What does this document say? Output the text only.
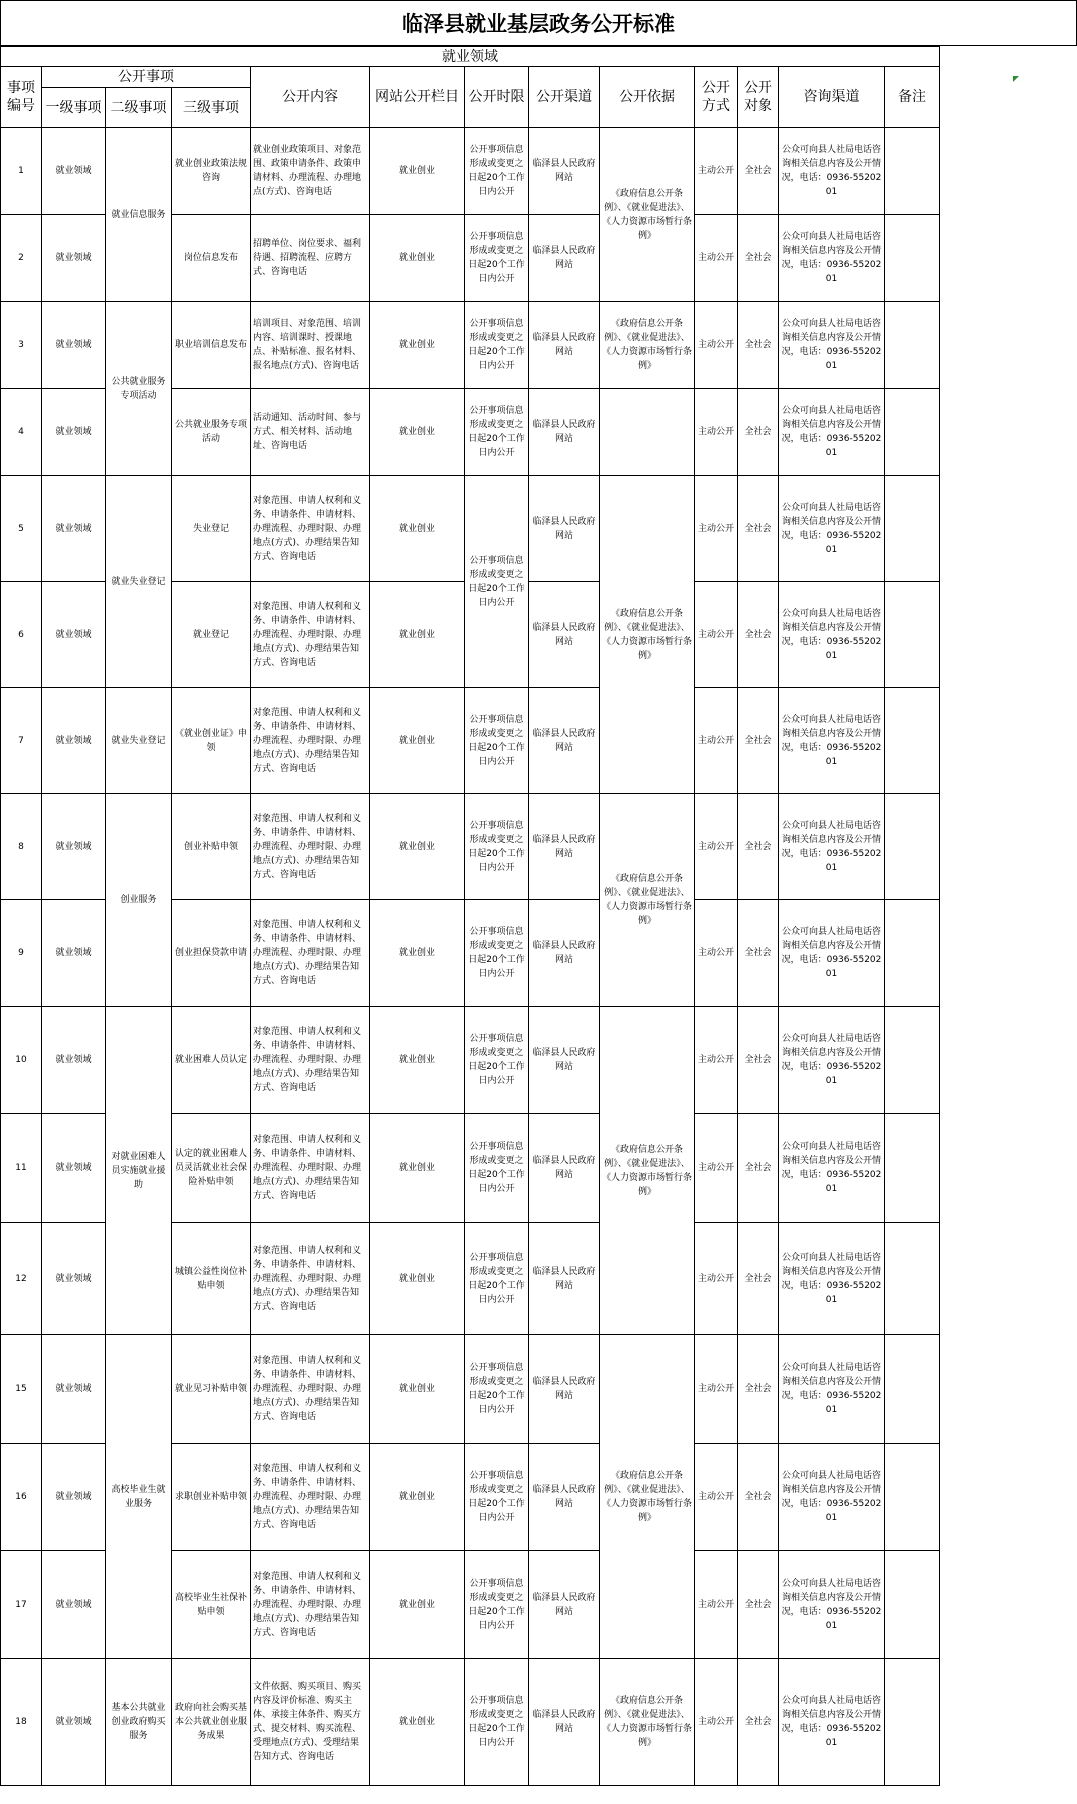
临泽县就业基层政务公开标准
就业领域												
事项编号	公开事项			公开内容	网站公开栏目	公开时限	公开渠道	公开依据	公开方式	公开对象	咨询渠道	备注
	一级事项	二级事项	三级事项									
1	就业领域	就业信息服务	就业创业政策法规咨询	就业创业政策项目、对象范围、政策申请条件、政策申请材料、办理流程、办理地点(方式)、咨询电话	就业创业	公开事项信息形成或变更之日起20个工作日内公开	临泽县人民政府网站	《政府信息公开条例》、《就业促进法》、《人力资源市场暂行条例》	主动公开	全社会	公众可向县人社局电话咨询相关信息内容及公开情况，电话：0936-5520201	
2	就业领域		岗位信息发布	招聘单位、岗位要求、福利待遇、招聘流程、应聘方式、咨询电话	就业创业	公开事项信息形成或变更之日起20个工作日内公开	临泽县人民政府网站		主动公开	全社会	公众可向县人社局电话咨询相关信息内容及公开情况，电话：0936-5520201	
3	就业领域	公共就业服务专项活动	职业培训信息发布	培训项目、对象范围、培训内容、培训课时、授课地点、补贴标准、报名材料、报名地点(方式)、咨询电话	就业创业	公开事项信息形成或变更之日起20个工作日内公开	临泽县人民政府网站	《政府信息公开条例》、《就业促进法》、《人力资源市场暂行条例》	主动公开	全社会	公众可向县人社局电话咨询相关信息内容及公开情况，电话：0936-5520201	
4	就业领域		公共就业服务专项活动	活动通知、活动时间、参与方式、相关材料、活动地址、咨询电话	就业创业	公开事项信息形成或变更之日起20个工作日内公开	临泽县人民政府网站		主动公开	全社会	公众可向县人社局电话咨询相关信息内容及公开情况，电话：0936-5520201	
5	就业领域	就业失业登记	失业登记	对象范围、申请人权利和义务、申请条件、申请材料、办理流程、办理时限、办理地点(方式)、办理结果告知方式、咨询电话	就业创业	公开事项信息形成或变更之日起20个工作日内公开	临泽县人民政府网站	《政府信息公开条例》、《就业促进法》、《人力资源市场暂行条例》	主动公开	全社会	公众可向县人社局电话咨询相关信息内容及公开情况，电话：0936-5520201	
6	就业领域		就业登记	对象范围、申请人权利和义务、申请条件、申请材料、办理流程、办理时限、办理地点(方式)、办理结果告知方式、咨询电话	就业创业		临泽县人民政府网站		主动公开	全社会	公众可向县人社局电话咨询相关信息内容及公开情况，电话：0936-5520201	
7	就业领域	就业失业登记	《就业创业证》申领	对象范围、申请人权利和义务、申请条件、申请材料、办理流程、办理时限、办理地点(方式)、办理结果告知方式、咨询电话	就业创业	公开事项信息形成或变更之日起20个工作日内公开	临泽县人民政府网站		主动公开	全社会	公众可向县人社局电话咨询相关信息内容及公开情况，电话：0936-5520201	
8	就业领域	创业服务	创业补贴申领	对象范围、申请人权利和义务、申请条件、申请材料、办理流程、办理时限、办理地点(方式)、办理结果告知方式、咨询电话	就业创业	公开事项信息形成或变更之日起20个工作日内公开	临泽县人民政府网站	《政府信息公开条例》、《就业促进法》、《人力资源市场暂行条例》	主动公开	全社会	公众可向县人社局电话咨询相关信息内容及公开情况，电话：0936-5520201	
9	就业领域		创业担保贷款申请	对象范围、申请人权利和义务、申请条件、申请材料、办理流程、办理时限、办理地点(方式)、办理结果告知方式、咨询电话	就业创业	公开事项信息形成或变更之日起20个工作日内公开	临泽县人民政府网站		主动公开	全社会	公众可向县人社局电话咨询相关信息内容及公开情况，电话：0936-5520201	
10	就业领域	对就业困难人员实施就业援助	就业困难人员认定	对象范围、申请人权利和义务、申请条件、申请材料、办理流程、办理时限、办理地点(方式)、办理结果告知方式、咨询电话	就业创业	公开事项信息形成或变更之日起20个工作日内公开	临泽县人民政府网站	《政府信息公开条例》、《就业促进法》、《人力资源市场暂行条例》	主动公开	全社会	公众可向县人社局电话咨询相关信息内容及公开情况，电话：0936-5520201	
11	就业领域		认定的就业困难人员灵活就业社会保险补贴申领	对象范围、申请人权利和义务、申请条件、申请材料、办理流程、办理时限、办理地点(方式)、办理结果告知方式、咨询电话	就业创业	公开事项信息形成或变更之日起20个工作日内公开	临泽县人民政府网站		主动公开	全社会	公众可向县人社局电话咨询相关信息内容及公开情况，电话：0936-5520201	
12	就业领域		城镇公益性岗位补贴申领	对象范围、申请人权利和义务、申请条件、申请材料、办理流程、办理时限、办理地点(方式)、办理结果告知方式、咨询电话	就业创业	公开事项信息形成或变更之日起20个工作日内公开	临泽县人民政府网站		主动公开	全社会	公众可向县人社局电话咨询相关信息内容及公开情况，电话：0936-5520201	
15	就业领域	高校毕业生就业服务	就业见习补贴申领	对象范围、申请人权利和义务、申请条件、申请材料、办理流程、办理时限、办理地点(方式)、办理结果告知方式、咨询电话	就业创业	公开事项信息形成或变更之日起20个工作日内公开	临泽县人民政府网站	《政府信息公开条例》、《就业促进法》、《人力资源市场暂行条例》	主动公开	全社会	公众可向县人社局电话咨询相关信息内容及公开情况，电话：0936-5520201	
16	就业领域		求职创业补贴申领	对象范围、申请人权利和义务、申请条件、申请材料、办理流程、办理时限、办理地点(方式)、办理结果告知方式、咨询电话	就业创业	公开事项信息形成或变更之日起20个工作日内公开	临泽县人民政府网站		主动公开	全社会	公众可向县人社局电话咨询相关信息内容及公开情况，电话：0936-5520201	
17	就业领域		高校毕业生社保补贴申领	对象范围、申请人权利和义务、申请条件、申请材料、办理流程、办理时限、办理地点(方式)、办理结果告知方式、咨询电话	就业创业	公开事项信息形成或变更之日起20个工作日内公开	临泽县人民政府网站		主动公开	全社会	公众可向县人社局电话咨询相关信息内容及公开情况，电话：0936-5520201	
18	就业领域	基本公共就业创业政府购买服务	政府向社会购买基本公共就业创业服务成果	文件依据、购买项目、购买内容及评价标准、购买主体、承接主体条件、购买方式、提交材料、购买流程、受理地点(方式)、受理结果告知方式、咨询电话	就业创业	公开事项信息形成或变更之日起20个工作日内公开	临泽县人民政府网站	《政府信息公开条例》、《就业促进法》、《人力资源市场暂行条例》	主动公开	全社会	公众可向县人社局电话咨询相关信息内容及公开情况，电话：0936-5520201	
